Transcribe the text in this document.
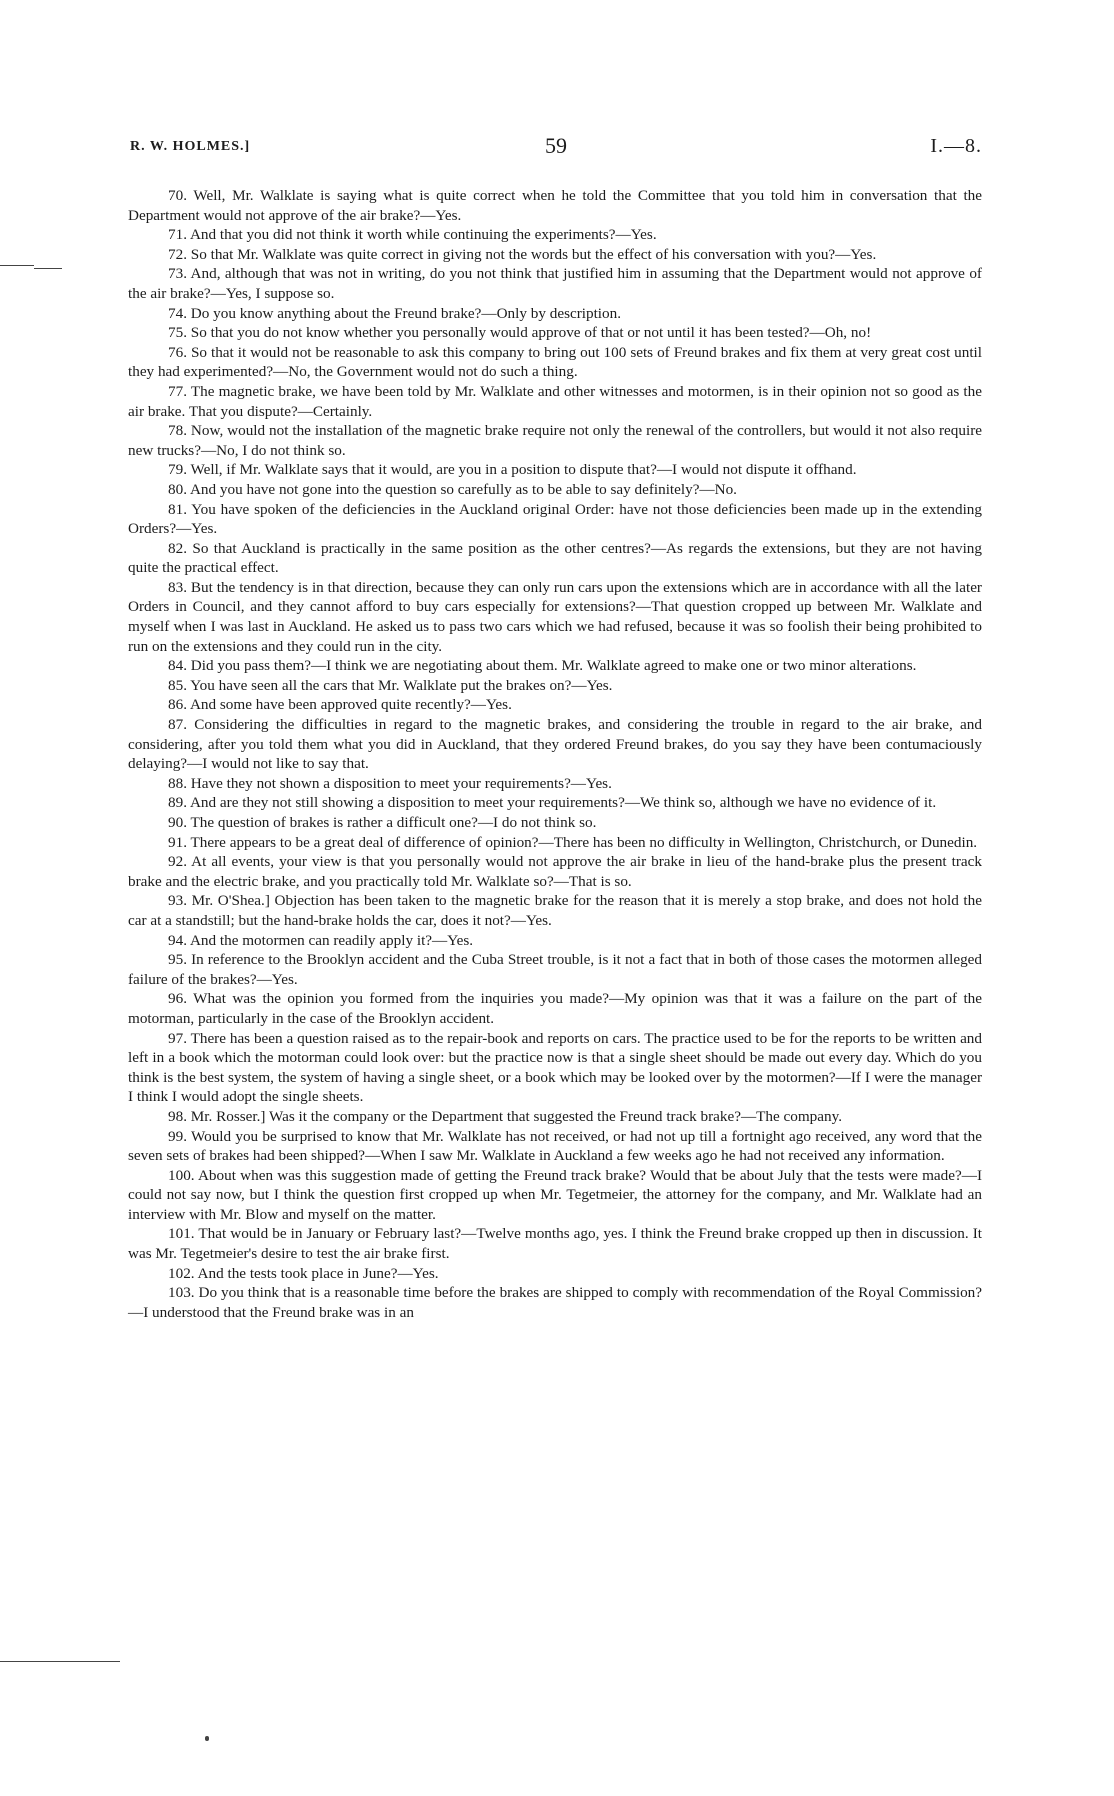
R. W. HOLMES.]	59	I.—8.

70. Well, Mr. Walklate is saying what is quite correct when he told the Committee that you told him in conversation that the Department would not approve of the air brake?—Yes.

71. And that you did not think it worth while continuing the experiments?—Yes.

72. So that Mr. Walklate was quite correct in giving not the words but the effect of his conversation with you?—Yes.

73. And, although that was not in writing, do you not think that justified him in assuming that the Department would not approve of the air brake?—Yes, I suppose so.

74. Do you know anything about the Freund brake?—Only by description.

75. So that you do not know whether you personally would approve of that or not until it has been tested?—Oh, no!

76. So that it would not be reasonable to ask this company to bring out 100 sets of Freund brakes and fix them at very great cost until they had experimented?—No, the Government would not do such a thing.

77. The magnetic brake, we have been told by Mr. Walklate and other witnesses and motormen, is in their opinion not so good as the air brake. That you dispute?—Certainly.

78. Now, would not the installation of the magnetic brake require not only the renewal of the controllers, but would it not also require new trucks?—No, I do not think so.

79. Well, if Mr. Walklate says that it would, are you in a position to dispute that?—I would not dispute it offhand.

80. And you have not gone into the question so carefully as to be able to say definitely?—No.

81. You have spoken of the deficiencies in the Auckland original Order: have not those deficiencies been made up in the extending Orders?—Yes.

82. So that Auckland is practically in the same position as the other centres?—As regards the extensions, but they are not having quite the practical effect.

83. But the tendency is in that direction, because they can only run cars upon the extensions which are in accordance with all the later Orders in Council, and they cannot afford to buy cars especially for extensions?—That question cropped up between Mr. Walklate and myself when I was last in Auckland. He asked us to pass two cars which we had refused, because it was so foolish their being prohibited to run on the extensions and they could run in the city.

84. Did you pass them?—I think we are negotiating about them. Mr. Walklate agreed to make one or two minor alterations.

85. You have seen all the cars that Mr. Walklate put the brakes on?—Yes.

86. And some have been approved quite recently?—Yes.

87. Considering the difficulties in regard to the magnetic brakes, and considering the trouble in regard to the air brake, and considering, after you told them what you did in Auckland, that they ordered Freund brakes, do you say they have been contumaciously delaying?—I would not like to say that.

88. Have they not shown a disposition to meet your requirements?—Yes.

89. And are they not still showing a disposition to meet your requirements?—We think so, although we have no evidence of it.

90. The question of brakes is rather a difficult one?—I do not think so.

91. There appears to be a great deal of difference of opinion?—There has been no difficulty in Wellington, Christchurch, or Dunedin.

92. At all events, your view is that you personally would not approve the air brake in lieu of the hand-brake plus the present track brake and the electric brake, and you practically told Mr. Walklate so?—That is so.

93. Mr. O'Shea.] Objection has been taken to the magnetic brake for the reason that it is merely a stop brake, and does not hold the car at a standstill; but the hand-brake holds the car, does it not?—Yes.

94. And the motormen can readily apply it?—Yes.

95. In reference to the Brooklyn accident and the Cuba Street trouble, is it not a fact that in both of those cases the motormen alleged failure of the brakes?—Yes.

96. What was the opinion you formed from the inquiries you made?—My opinion was that it was a failure on the part of the motorman, particularly in the case of the Brooklyn accident.

97. There has been a question raised as to the repair-book and reports on cars. The practice used to be for the reports to be written and left in a book which the motorman could look over: but the practice now is that a single sheet should be made out every day. Which do you think is the best system, the system of having a single sheet, or a book which may be looked over by the motormen?—If I were the manager I think I would adopt the single sheets.

98. Mr. Rosser.] Was it the company or the Department that suggested the Freund track brake?—The company.

99. Would you be surprised to know that Mr. Walklate has not received, or had not up till a fortnight ago received, any word that the seven sets of brakes had been shipped?—When I saw Mr. Walklate in Auckland a few weeks ago he had not received any information.

100. About when was this suggestion made of getting the Freund track brake? Would that be about July that the tests were made?—I could not say now, but I think the question first cropped up when Mr. Tegetmeier, the attorney for the company, and Mr. Walklate had an interview with Mr. Blow and myself on the matter.

101. That would be in January or February last?—Twelve months ago, yes. I think the Freund brake cropped up then in discussion. It was Mr. Tegetmeier's desire to test the air brake first.

102. And the tests took place in June?—Yes.

103. Do you think that is a reasonable time before the brakes are shipped to comply with recommendation of the Royal Commission?—I understood that the Freund brake was in an
